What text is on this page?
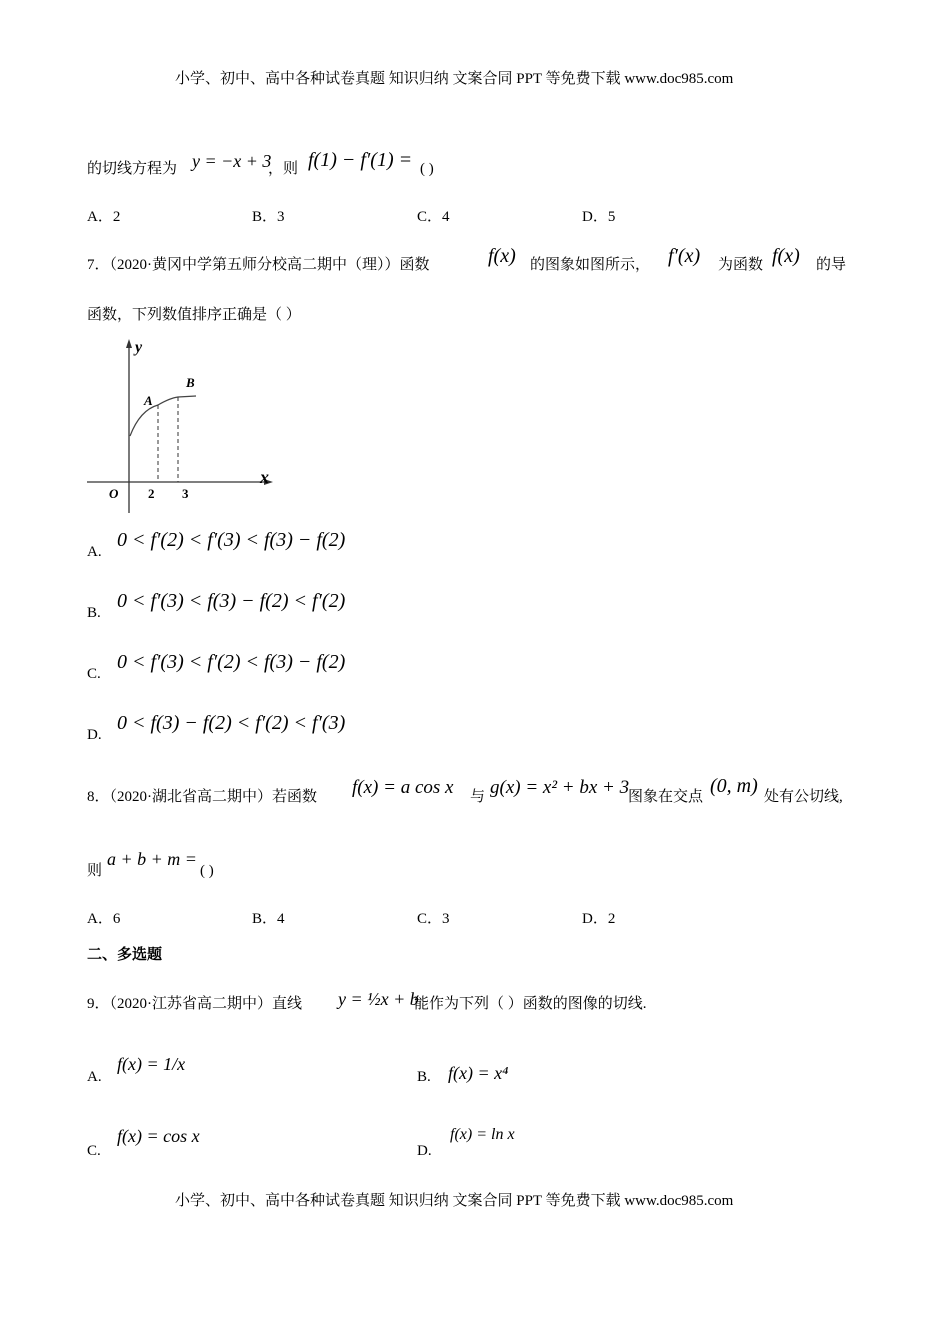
小学、初中、高中各种试卷真题 知识归纳 文案合同 PPT 等免费下载 www.doc985.com
的切线方程为 y = −x + 3
，则 f(1) − f′(1) = ( )
A．2	B．3	C．4	D．5
7．（2020·黄冈中学第五师分校高二期中（理））函数	f(x) 的图象如图所示， f′(x) 为函数 f(x) 的导
函数，下列数值排序正确是（ ）
y
x
O
A
B
2 3
A.
0 < f′(2) < f′(3) < f(3) − f(2)
B.
0 < f′(3) < f(3) − f(2) < f′(2)
C.
0 < f′(3) < f′(2) < f(3) − f(2)
D.
0 < f(3) − f(2) < f′(2) < f′(3)
8．（2020·湖北省高二期中）若函数 f(x) = a cos x 与 g(x) = x² + bx + 3
图象在交点 (0, m) 处有公切线,
则
a + b + m =
( )
A．6	B．4	C．3	D．2
二、多选题
9．（2020·江苏省高二期中）直线 y = ½x + b
能作为下列（ ）函数的图像的切线.
A.
f(x) = 1/x
B. f(x) = x⁴
C.
f(x) = cos x
D.
f(x) = ln x
小学、初中、高中各种试卷真题 知识归纳 文案合同 PPT 等免费下载 www.doc985.com
